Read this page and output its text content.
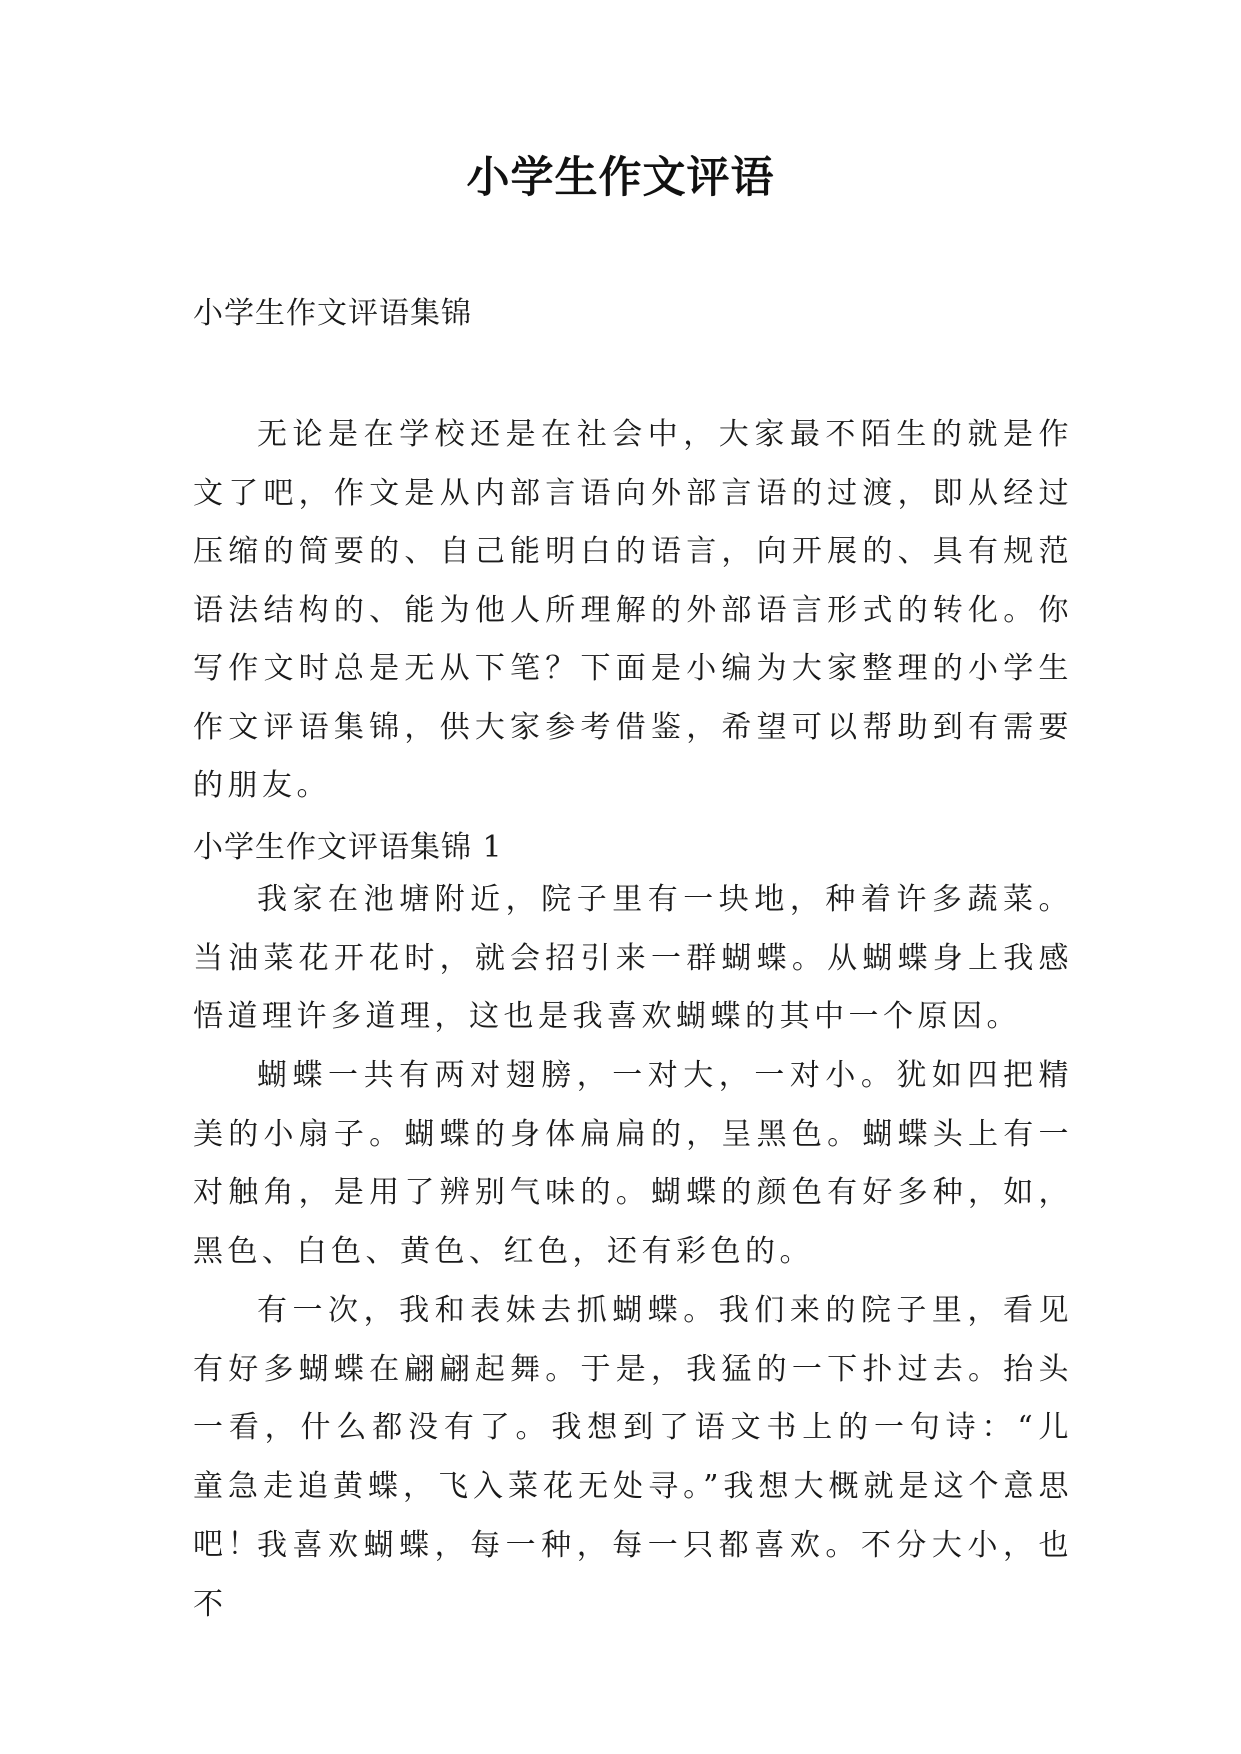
小学生作文评语

小学生作文评语集锦

无论是在学校还是在社会中，大家最不陌生的就是作文了吧，作文是从内部言语向外部言语的过渡，即从经过压缩的简要的、自己能明白的语言，向开展的、具有规范语法结构的、能为他人所理解的外部语言形式的转化。你写作文时总是无从下笔？下面是小编为大家整理的小学生作文评语集锦，供大家参考借鉴，希望可以帮助到有需要的朋友。

小学生作文评语集锦 1

我家在池塘附近，院子里有一块地，种着许多蔬菜。当油菜花开花时，就会招引来一群蝴蝶。从蝴蝶身上我感悟道理许多道理，这也是我喜欢蝴蝶的其中一个原因。

蝴蝶一共有两对翅膀，一对大，一对小。犹如四把精美的小扇子。蝴蝶的身体扁扁的，呈黑色。蝴蝶头上有一对触角，是用了辨别气味的。蝴蝶的颜色有好多种，如，黑色、白色、黄色、红色，还有彩色的。

有一次，我和表妹去抓蝴蝶。我们来的院子里，看见有好多蝴蝶在翩翩起舞。于是，我猛的一下扑过去。抬头一看，什么都没有了。我想到了语文书上的一句诗：“儿童急走追黄蝶，飞入菜花无处寻。”我想大概就是这个意思吧！

我喜欢蝴蝶，每一种，每一只都喜欢。不分大小，也不
